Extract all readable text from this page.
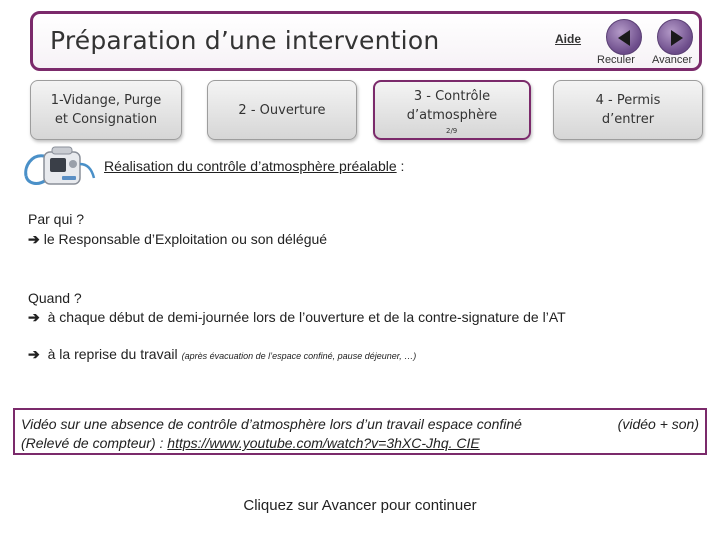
Préparation d’une intervention	Aide
Reculer Avancer
1-Vidange, Purge
et Consignation
2 - Ouverture
3 - Contrôle
d’atmosphère
2/9
4 - Permis
d’entrer
Réalisation du contrôle d’atmosphère préalable :
Par qui ?
➔ le Responsable d’Exploitation ou son délégué
Quand ?
➔ à chaque début de demi-journée lors de l’ouverture et de la contre-signature de l’AT
➔ à la reprise du travail (après évacuation de l’espace confiné, pause déjeuner, …)
Vidéo sur une absence de contrôle d’atmosphère lors d’un travail espace confiné	(vidéo + son)
(Relevé de compteur) : https://www.youtube.com/watch?v=3hXC-Jhq. CIE
Cliquez sur Avancer pour continuer
